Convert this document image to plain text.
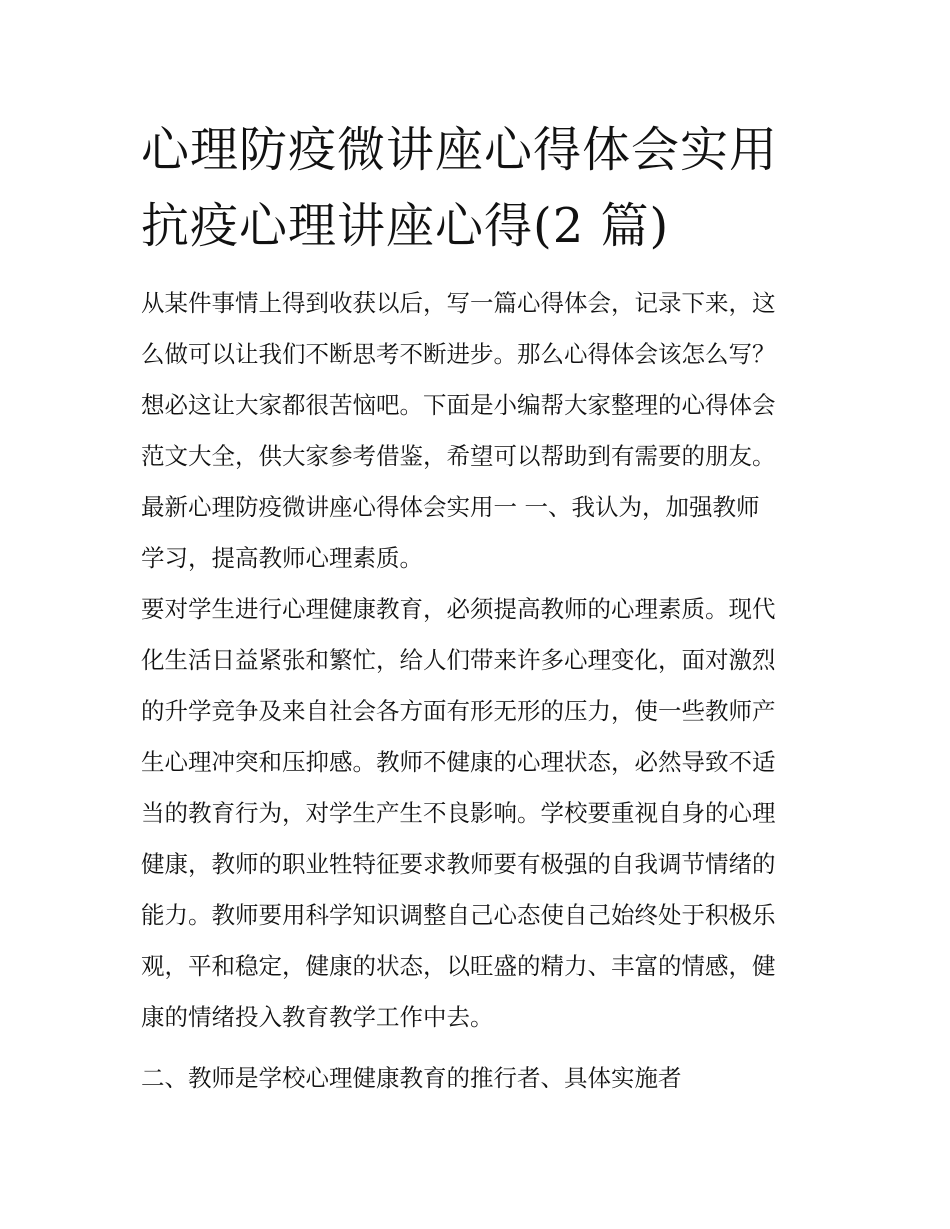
心理防疫微讲座心得体会实用
抗疫心理讲座心得(2 篇)
从某件事情上得到收获以后，写一篇心得体会，记录下来，这
么做可以让我们不断思考不断进步。那么心得体会该怎么写？
想必这让大家都很苦恼吧。下面是小编帮大家整理的心得体会
范文大全，供大家参考借鉴，希望可以帮助到有需要的朋友。
最新心理防疫微讲座心得体会实用一 一、我认为，加强教师
学习，提高教师心理素质。
要对学生进行心理健康教育，必须提高教师的心理素质。现代
化生活日益紧张和繁忙，给人们带来许多心理变化，面对激烈
的升学竞争及来自社会各方面有形无形的压力，使一些教师产
生心理冲突和压抑感。教师不健康的心理状态，必然导致不适
当的教育行为，对学生产生不良影响。学校要重视自身的心理
健康，教师的职业牲特征要求教师要有极强的自我调节情绪的
能力。教师要用科学知识调整自己心态使自己始终处于积极乐
观，平和稳定，健康的状态，以旺盛的精力、丰富的情感，健
康的情绪投入教育教学工作中去。
二、教师是学校心理健康教育的推行者、具体实施者
